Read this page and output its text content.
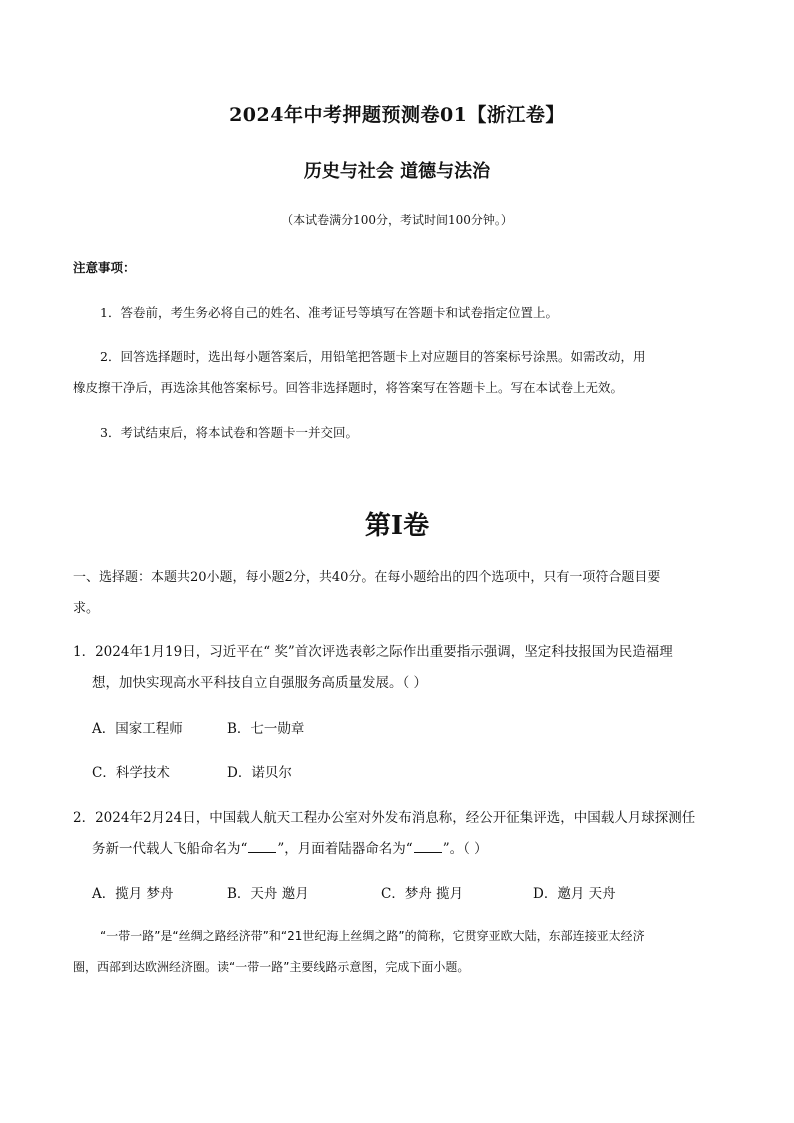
2024年中考押题预测卷01【浙江卷】
历史与社会 道德与法治
（本试卷满分100分，考试时间100分钟。）
注意事项：
1．答卷前，考生务必将自己的姓名、准考证号等填写在答题卡和试卷指定位置上。
2．回答选择题时，选出每小题答案后，用铅笔把答题卡上对应题目的答案标号涂黑。如需改动，用
橡皮擦干净后，再选涂其他答案标号。回答非选择题时，将答案写在答题卡上。写在本试卷上无效。
3．考试结束后，将本试卷和答题卡一并交回。
第Ⅰ卷
一、选择题：本题共20小题，每小题2分，共40分。在每小题给出的四个选项中，只有一项符合题目要
求。
1．2024年1月19日，习近平在“ 奖”首次评选表彰之际作出重要指示强调，坚定科技报国为民造福理
想，加快实现高水平科技自立自强服务高质量发展。（ ）
A．国家工程师	B．七一勋章
C．科学技术	D．诺贝尔
2．2024年2月24日，中国载人航天工程办公室对外发布消息称，经公开征集评选，中国载人月球探测任
务新一代载人飞船命名为“ ”，月面着陆器命名为“ ”。（ ）
A．揽月 梦舟	B．天舟 邀月	C．梦舟 揽月	D．邀月 天舟
“一带一路”是“丝绸之路经济带”和“21世纪海上丝绸之路”的简称，它贯穿亚欧大陆，东部连接亚太经济
圈，西部到达欧洲经济圈。读“一带一路”主要线路示意图，完成下面小题。
